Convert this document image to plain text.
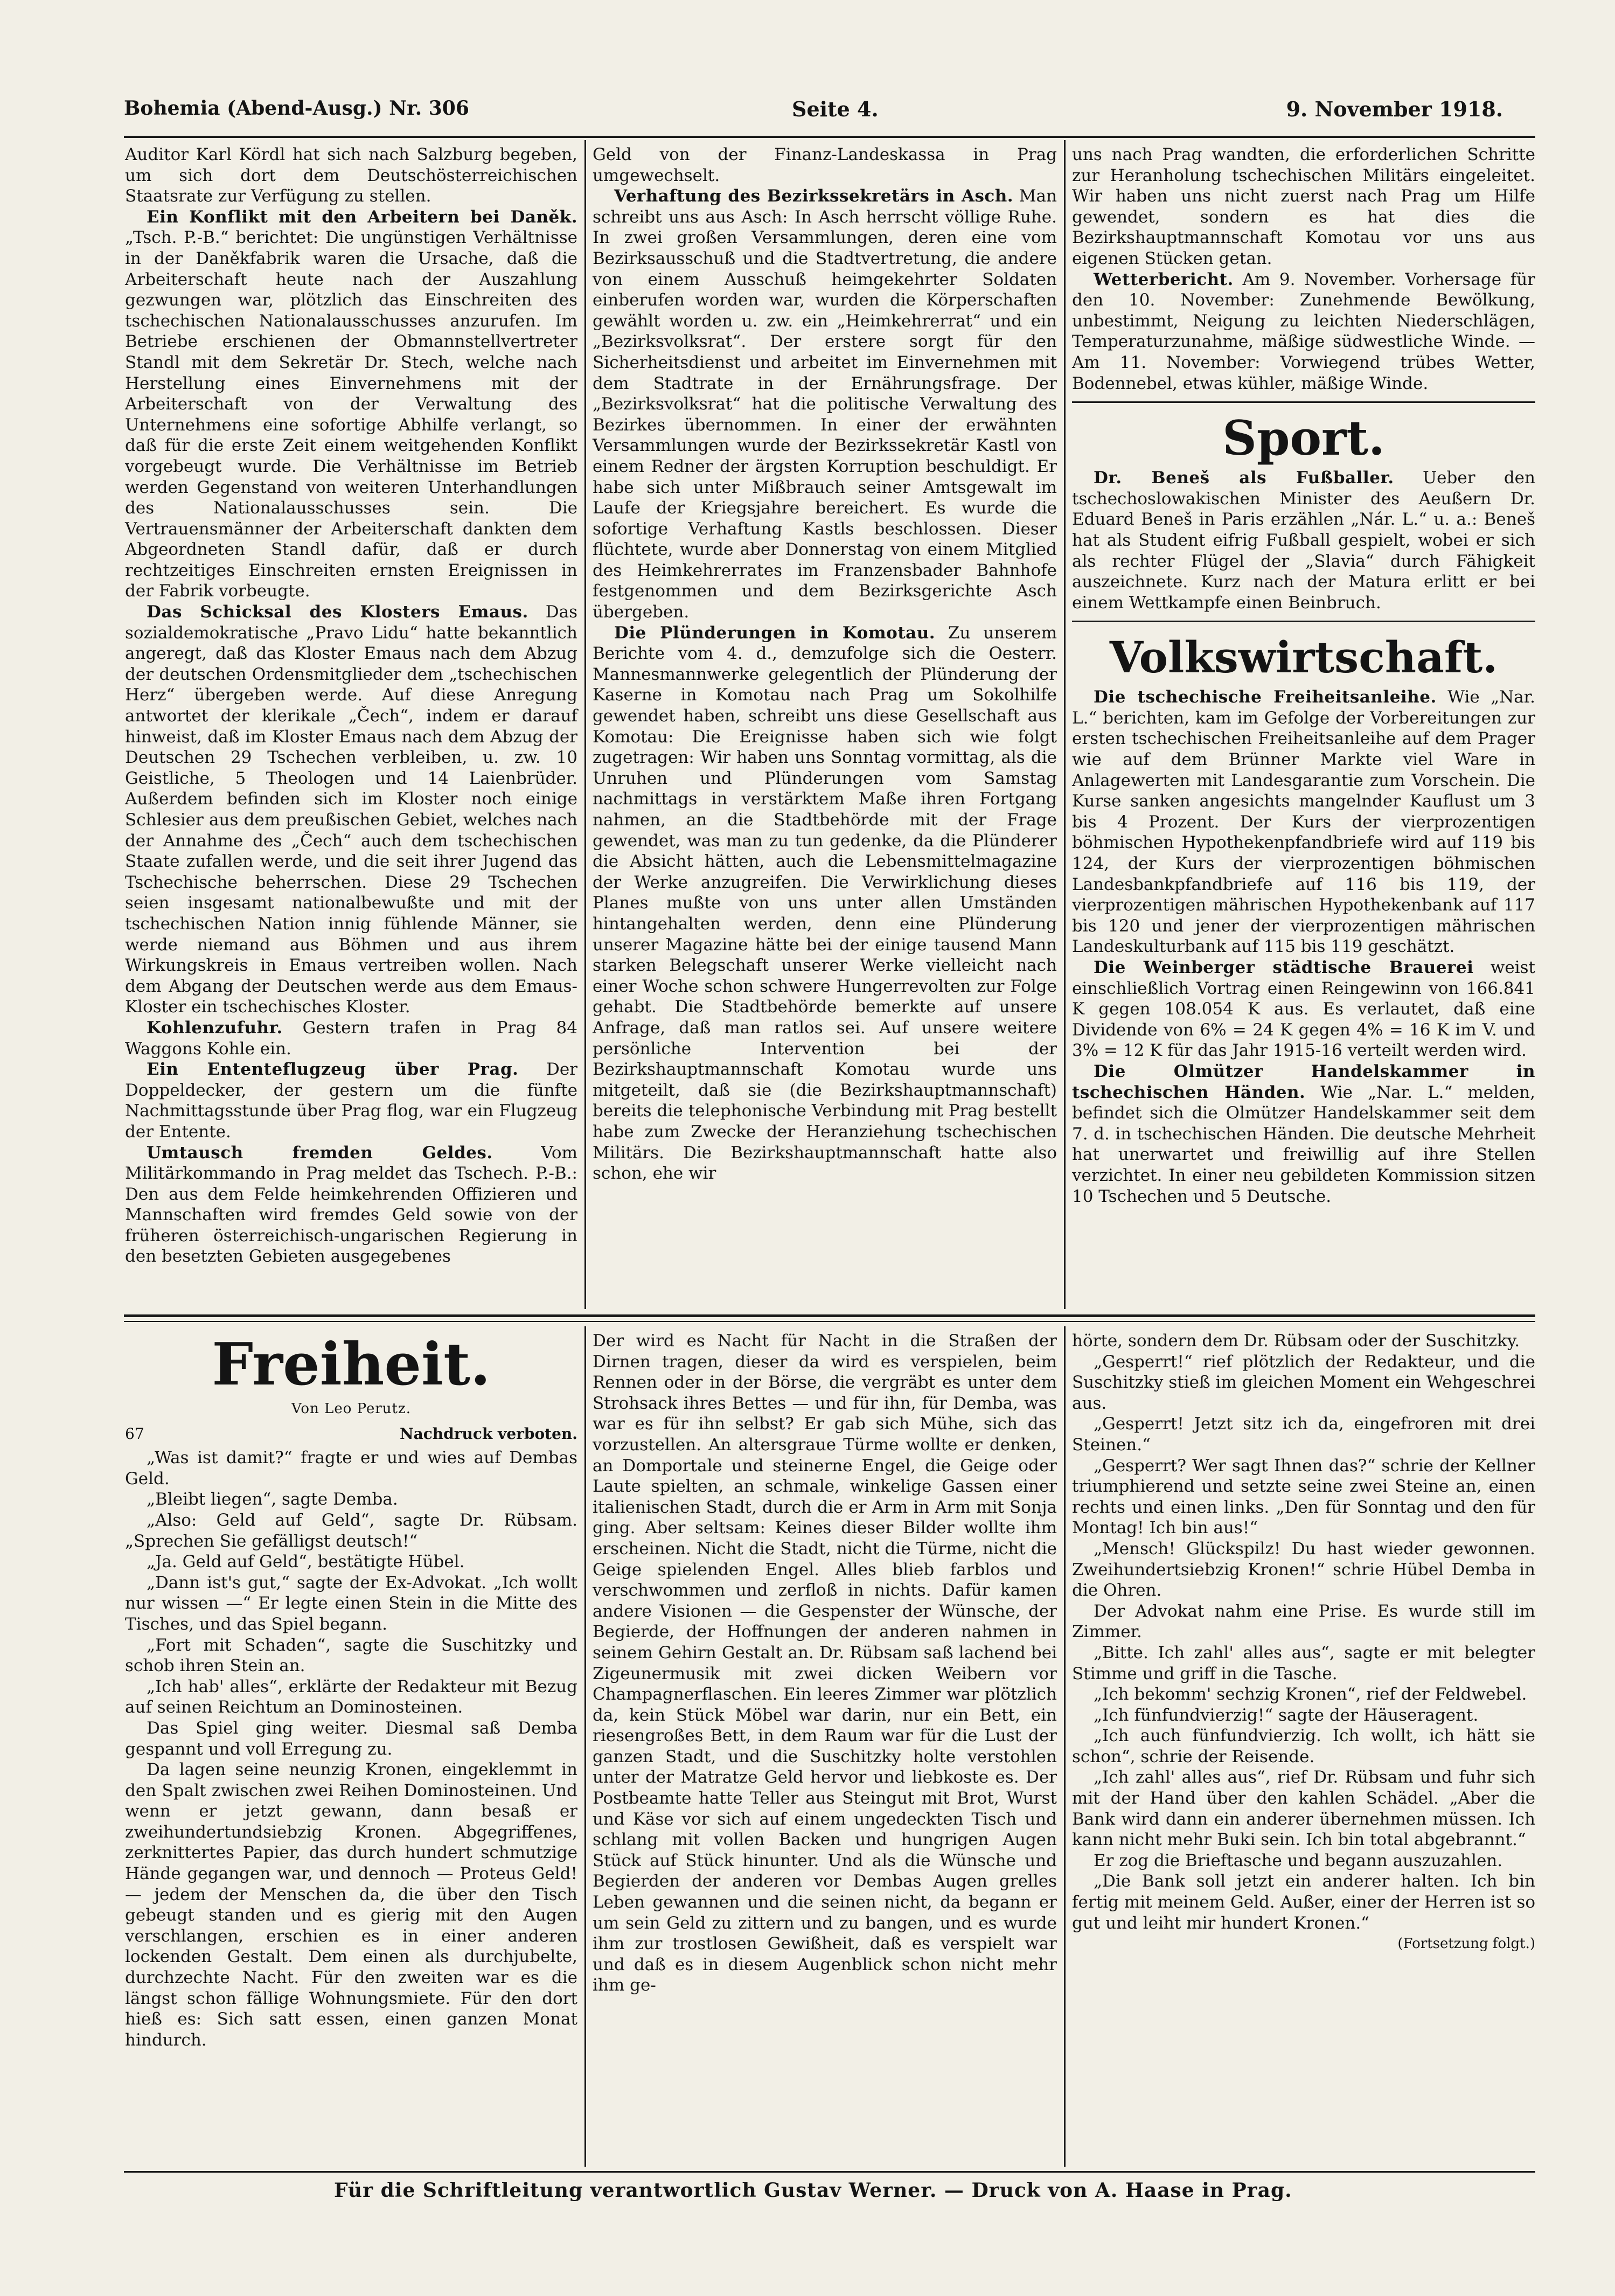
Bohemia (Abend-Ausg.) Nr. 306	Seite 4.	9. November 1918.

Auditor Karl Kördl hat sich nach Salzburg begeben, um sich dort dem Deutschösterreichischen Staatsrate zur Verfügung zu stellen.

Ein Konflikt mit den Arbeitern bei Daněk. „Tsch. P.-B.“ berichtet: Die ungünstigen Verhältnisse in der Daněkfabrik waren die Ursache, daß die Arbeiterschaft heute nach der Auszahlung gezwungen war, plötzlich das Einschreiten des tschechischen Nationalausschusses anzurufen. Im Betriebe erschienen der Obmannstellvertreter Standl mit dem Sekretär Dr. Stech, welche nach Herstellung eines Einvernehmens mit der Arbeiterschaft von der Verwaltung des Unternehmens eine sofortige Abhilfe verlangt, so daß für die erste Zeit einem weitgehenden Konflikt vorgebeugt wurde. Die Verhältnisse im Betrieb werden Gegenstand von weiteren Unterhandlungen des Nationalausschusses sein. Die Vertrauensmänner der Arbeiterschaft dankten dem Abgeordneten Standl dafür, daß er durch rechtzeitiges Einschreiten ernsten Ereignissen in der Fabrik vorbeugte.

Das Schicksal des Klosters Emaus. Das sozialdemokratische „Pravo Lidu“ hatte bekanntlich angeregt, daß das Kloster Emaus nach dem Abzug der deutschen Ordensmitglieder dem „tschechischen Herz“ übergeben werde. Auf diese Anregung antwortet der klerikale „Čech“, indem er darauf hinweist, daß im Kloster Emaus nach dem Abzug der Deutschen 29 Tschechen verbleiben, u. zw. 10 Geistliche, 5 Theologen und 14 Laienbrüder. Außerdem befinden sich im Kloster noch einige Schlesier aus dem preußischen Gebiet, welches nach der Annahme des „Čech“ auch dem tschechischen Staate zufallen werde, und die seit ihrer Jugend das Tschechische beherrschen. Diese 29 Tschechen seien insgesamt nationalbewußte und mit der tschechischen Nation innig fühlende Männer, sie werde niemand aus Böhmen und aus ihrem Wirkungskreis in Emaus vertreiben wollen. Nach dem Abgang der Deutschen werde aus dem Emaus-Kloster ein tschechisches Kloster.

Kohlenzufuhr. Gestern trafen in Prag 84 Waggons Kohle ein.

Ein Ententeflugzeug über Prag. Der Doppeldecker, der gestern um die fünfte Nachmittagsstunde über Prag flog, war ein Flugzeug der Entente.

Umtausch fremden Geldes.	Vom Militärkommando in Prag meldet das Tschech. P.-B.: Den aus dem Felde heimkehrenden Offizieren und Mannschaften wird fremdes Geld sowie von der früheren österreichisch-ungarischen Regierung in den besetzten Gebieten ausgegebenes

Geld von der Finanz-Landeskassa in Prag umgewechselt.

Verhaftung des Bezirkssekretärs in Asch. Man schreibt uns aus Asch: In Asch herrscht völlige Ruhe. In zwei großen Versammlungen, deren eine vom Bezirksausschuß und die Stadtvertretung, die andere von einem Ausschuß heimgekehrter Soldaten einberufen worden war, wurden die Körperschaften gewählt worden u. zw. ein „Heimkehrerrat“ und ein „Bezirksvolksrat“. Der erstere sorgt für den Sicherheitsdienst und arbeitet im Einvernehmen mit dem Stadtrate in der Ernährungsfrage. Der „Bezirksvolksrat“ hat die politische Verwaltung des Bezirkes übernommen. In einer der erwähnten Versammlungen wurde der Bezirkssekretär Kastl von einem Redner der ärgsten Korruption beschuldigt. Er habe sich unter Mißbrauch seiner Amtsgewalt im Laufe der Kriegsjahre bereichert. Es wurde die sofortige Verhaftung Kastls beschlossen. Dieser flüchtete, wurde aber Donnerstag von einem Mitglied des Heimkehrerrates im Franzensbader Bahnhofe festgenommen und dem Bezirksgerichte Asch übergeben.

Die Plünderungen in Komotau. Zu unserem Berichte vom 4. d., demzufolge sich die Oesterr. Mannesmannwerke gelegentlich der Plünderung der Kaserne in Komotau nach Prag um Sokolhilfe gewendet haben, schreibt uns diese Gesellschaft aus Komotau: Die Ereignisse haben sich wie folgt zugetragen: Wir haben uns Sonntag vormittag, als die Unruhen und Plünderungen vom Samstag nachmittags in verstärktem Maße ihren Fortgang nahmen, an die Stadtbehörde mit der Frage gewendet, was man zu tun gedenke, da die Plünderer die Absicht hätten, auch die Lebensmittelmagazine der Werke anzugreifen. Die Verwirklichung dieses Planes mußte von uns unter allen Umständen hintangehalten werden, denn eine Plünderung unserer Magazine hätte bei der einige tausend Mann starken Belegschaft unserer Werke vielleicht nach einer Woche schon schwere Hungerrevolten zur Folge gehabt. Die Stadtbehörde bemerkte auf unsere Anfrage, daß man ratlos sei. Auf unsere weitere persönliche Intervention bei der Bezirkshauptmannschaft Komotau wurde uns mitgeteilt, daß sie (die Bezirkshauptmannschaft) bereits die telephonische Verbindung mit Prag bestellt habe zum Zwecke der Heranziehung tschechischen Militärs. Die Bezirkshauptmannschaft hatte also schon, ehe wir

uns nach Prag wandten, die erforderlichen Schritte zur Heranholung tschechischen Militärs eingeleitet. Wir haben uns nicht zuerst nach Prag um Hilfe gewendet, sondern es hat dies die Bezirkshauptmannschaft Komotau vor uns aus eigenen Stücken getan.

Wetterbericht. Am 9. November. Vorhersage für den 10. November: Zunehmende Bewölkung, unbestimmt, Neigung zu leichten Niederschlägen, Temperaturzunahme, mäßige südwestliche Winde. — Am 11. November: Vorwiegend trübes Wetter, Bodennebel, etwas kühler, mäßige Winde.

Sport.

Dr. Beneš als Fußballer. Ueber den tschechoslowakischen Minister des Aeußern Dr. Eduard Beneš in Paris erzählen „Nár. L.“ u. a.: Beneš hat als Student eifrig Fußball gespielt, wobei er sich als rechter Flügel der „Slavia“ durch Fähigkeit auszeichnete. Kurz nach der Matura erlitt er bei einem Wettkampfe einen Beinbruch.

Volkswirtschaft.

Die tschechische Freiheitsanleihe. Wie „Nar. L.“ berichten, kam im Gefolge der Vorbereitungen zur ersten tschechischen Freiheitsanleihe auf dem Prager wie auf dem Brünner Markte viel Ware in Anlagewerten mit Landesgarantie zum Vorschein. Die Kurse sanken angesichts mangelnder Kauflust um 3 bis 4 Prozent. Der Kurs der vierprozentigen böhmischen Hypothekenpfandbriefe wird auf 119 bis 124, der Kurs der vierprozentigen böhmischen Landesbankpfandbriefe auf 116 bis 119, der vierprozentigen mährischen Hypothekenbank auf 117 bis 120 und jener der vierprozentigen mährischen Landeskulturbank auf 115 bis 119 geschätzt.

Die Weinberger städtische Brauerei weist einschließlich Vortrag einen Reingewinn von 166.841 K gegen 108.054 K aus. Es verlautet, daß eine Dividende von 6% = 24 K gegen 4% = 16 K im V. und 3% = 12 K für das Jahr 1915-16 verteilt werden wird.

Die Olmützer Handelskammer in tschechischen Händen. Wie „Nar. L.“ melden, befindet sich die Olmützer Handelskammer seit dem 7. d. in tschechischen Händen. Die deutsche Mehrheit hat unerwartet und freiwillig auf ihre Stellen verzichtet. In einer neu gebildeten Kommission sitzen 10 Tschechen und 5 Deutsche.

Freiheit.
Von Leo Perutz.
67	Nachdruck verboten.

„Was ist damit?“ fragte er und wies auf Dembas Geld.

„Bleibt liegen“, sagte Demba.

„Also: Geld auf Geld“, sagte Dr. Rübsam. „Sprechen Sie gefälligst deutsch!“

„Ja. Geld auf Geld“, bestätigte Hübel.

„Dann ist's gut,“ sagte der Ex-Advokat. „Ich wollt nur wissen —“ Er legte einen Stein in die Mitte des Tisches, und das Spiel begann.

„Fort mit Schaden“, sagte die Suschitzky und schob ihren Stein an.

„Ich hab' alles“, erklärte der Redakteur mit Bezug auf seinen Reichtum an Dominosteinen.

Das Spiel ging weiter. Diesmal saß Demba gespannt und voll Erregung zu.

Da lagen seine neunzig Kronen, eingeklemmt in den Spalt zwischen zwei Reihen Dominosteinen. Und wenn er jetzt gewann, dann besaß er zweihundertundsiebzig Kronen. Abgegriffenes, zerknittertes Papier, das durch hundert schmutzige Hände gegangen war, und dennoch — Proteus Geld! — jedem der Menschen da, die über den Tisch gebeugt standen und es gierig mit den Augen verschlangen, erschien es in einer anderen lockenden Gestalt. Dem einen als durchjubelte, durchzechte Nacht. Für den zweiten war es die längst schon fällige Wohnungsmiete. Für den dort hieß es: Sich satt essen, einen ganzen Monat hindurch.

Der wird es Nacht für Nacht in die Straßen der Dirnen tragen, dieser da wird es verspielen, beim Rennen oder in der Börse, die vergräbt es unter dem Strohsack ihres Bettes — und für ihn, für Demba, was war es für ihn selbst? Er gab sich Mühe, sich das vorzustellen. An altersgraue Türme wollte er denken, an Domportale und steinerne Engel, die Geige oder Laute spielten, an schmale, winkelige Gassen einer italienischen Stadt, durch die er Arm in Arm mit Sonja ging. Aber seltsam: Keines dieser Bilder wollte ihm erscheinen. Nicht die Stadt, nicht die Türme, nicht die Geige spielenden Engel. Alles blieb farblos und verschwommen und zerfloß in nichts. Dafür kamen andere Visionen — die Gespenster der Wünsche, der Begierde, der Hoffnungen der anderen nahmen in seinem Gehirn Gestalt an. Dr. Rübsam saß lachend bei Zigeunermusik mit zwei dicken Weibern vor Champagnerflaschen. Ein leeres Zimmer war plötzlich da, kein Stück Möbel war darin, nur ein Bett, ein riesengroßes Bett, in dem Raum war für die Lust der ganzen Stadt, und die Suschitzky holte verstohlen unter der Matratze Geld hervor und liebkoste es. Der Postbeamte hatte Teller aus Steingut mit Brot, Wurst und Käse vor sich auf einem ungedeckten Tisch und schlang mit vollen Backen und hungrigen Augen Stück auf Stück hinunter. Und als die Wünsche und Begierden der anderen vor Dembas Augen grelles Leben gewannen und die seinen nicht, da begann er um sein Geld zu zittern und zu bangen, und es wurde ihm zur trostlosen Gewißheit, daß es verspielt war und daß es in diesem Augenblick schon nicht mehr ihm ge-

hörte, sondern dem Dr. Rübsam oder der Suschitzky.

„Gesperrt!“ rief plötzlich der Redakteur, und die Suschitzky stieß im gleichen Moment ein Wehgeschrei aus.

„Gesperrt! Jetzt sitz ich da, eingefroren mit drei Steinen.“

„Gesperrt? Wer sagt Ihnen das?“ schrie der Kellner triumphierend und setzte seine zwei Steine an, einen rechts und einen links. „Den für Sonntag und den für Montag! Ich bin aus!“

„Mensch! Glückspilz! Du hast wieder gewonnen. Zweihundertsiebzig Kronen!“ schrie Hübel Demba in die Ohren.

Der Advokat nahm eine Prise. Es wurde still im Zimmer.

„Bitte. Ich zahl' alles aus“, sagte er mit belegter Stimme und griff in die Tasche.

„Ich bekomm' sechzig Kronen“, rief der Feldwebel.

„Ich fünfundvierzig!“ sagte der Häuseragent.

„Ich auch fünfundvierzig. Ich wollt, ich hätt sie schon“, schrie der Reisende.

„Ich zahl' alles aus“, rief Dr. Rübsam und fuhr sich mit der Hand über den kahlen Schädel. „Aber die Bank wird dann ein anderer übernehmen müssen. Ich kann nicht mehr Buki sein. Ich bin total abgebrannt.“

Er zog die Brieftasche und begann auszuzahlen.

„Die Bank soll jetzt ein anderer halten. Ich bin fertig mit meinem Geld. Außer, einer der Herren ist so gut und leiht mir hundert Kronen.“

(Fortsetzung folgt.)
Für die Schriftleitung verantwortlich Gustav Werner. — Druck von A. Haase in Prag.
